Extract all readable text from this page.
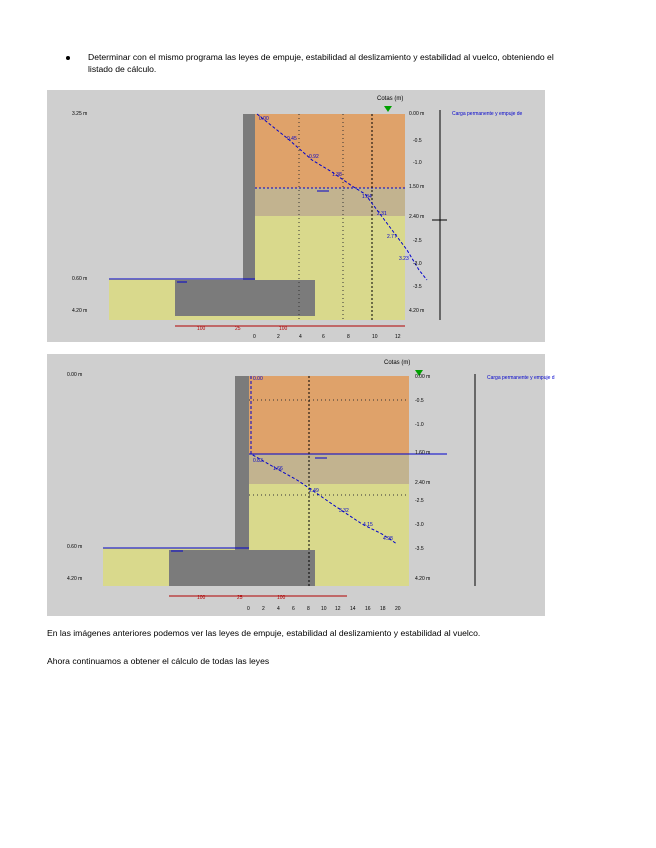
Determinar con el mismo programa las leyes de empuje, estabilidad al deslizamiento y estabilidad al vuelco, obteniendo el listado de cálculo.
Cotas (m)
Carga permanente y empuje de
3.25 m
0.60 m
4.20 m
0.00 m
1.50 m
2.40 m
4.20 m
-0.5
-1.0
-2.5
-3.0
-3.5
0	2	4	6	8	10	12
100	25	100
0.00
0.45
0.92
1.38
1.84
2.31
2.77
3.23
Cotas (m)
Carga permanente y empuje d
0.00 m
0.60 m
4.20 m
0.00 m
1.60 m
2.40 m
4.20 m
-0.5
-1.0
-2.5
-3.0
-3.5
0 2 4 6 8 10 12 14 16 18 20
100	25	100
0.00
0.83
1.66
2.49
3.32
4.15
4.98
En las imágenes anteriores podemos ver las leyes de empuje, estabilidad al deslizamiento y estabilidad al vuelco.
Ahora continuamos a obtener el cálculo de todas las leyes
